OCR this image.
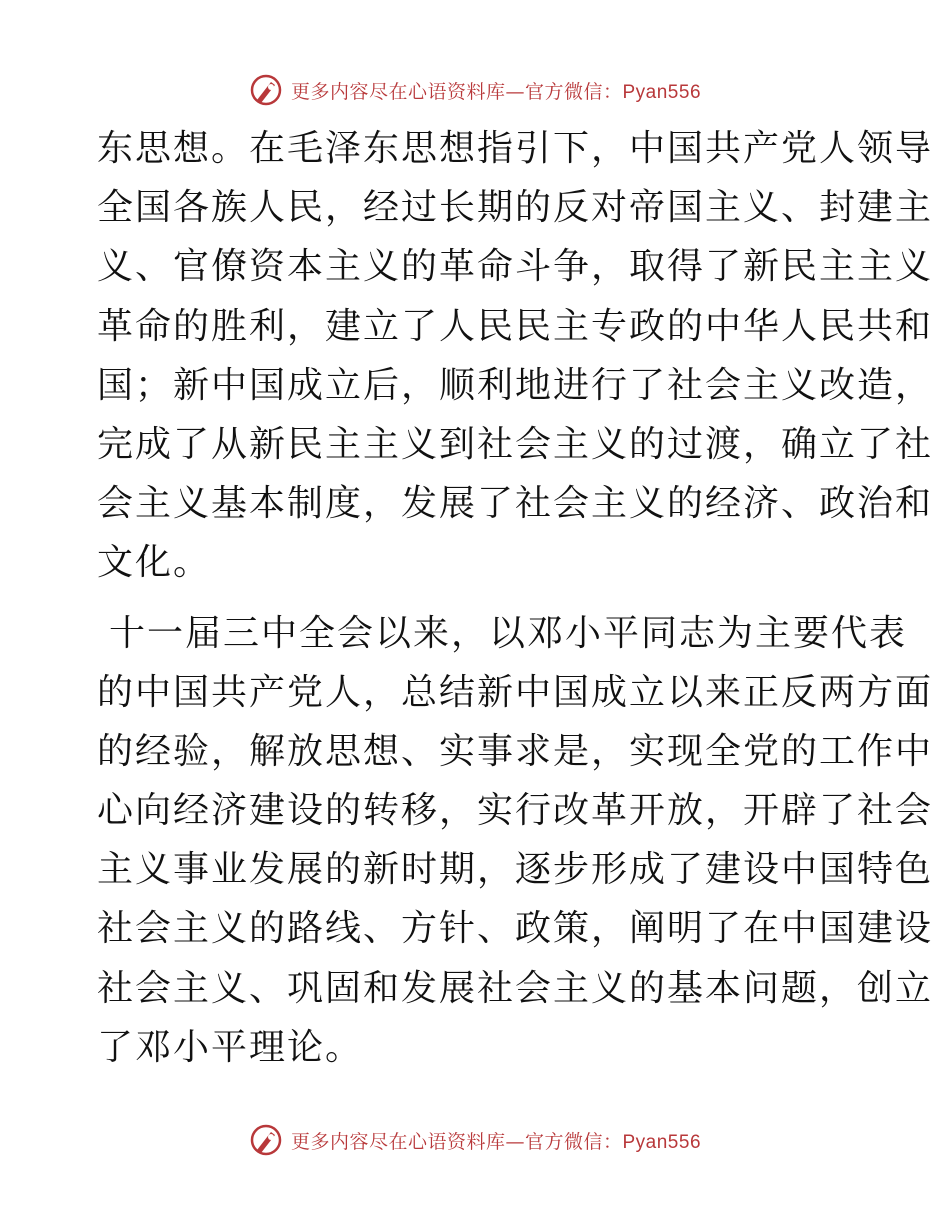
更多内容尽在心语资料库—官方微信：Pyan556
东思想。在毛泽东思想指引下，中国共产党人领导
全国各族人民，经过长期的反对帝国主义、封建主
义、官僚资本主义的革命斗争，取得了新民主主义
革命的胜利，建立了人民民主专政的中华人民共和
国；新中国成立后，顺利地进行了社会主义改造，
完成了从新民主主义到社会主义的过渡，确立了社
会主义基本制度，发展了社会主义的经济、政治和
文化。
十一届三中全会以来，以邓小平同志为主要代表
的中国共产党人，总结新中国成立以来正反两方面
的经验，解放思想、实事求是，实现全党的工作中
心向经济建设的转移，实行改革开放，开辟了社会
主义事业发展的新时期，逐步形成了建设中国特色
社会主义的路线、方针、政策，阐明了在中国建设
社会主义、巩固和发展社会主义的基本问题，创立
了邓小平理论。
更多内容尽在心语资料库—官方微信：Pyan556
